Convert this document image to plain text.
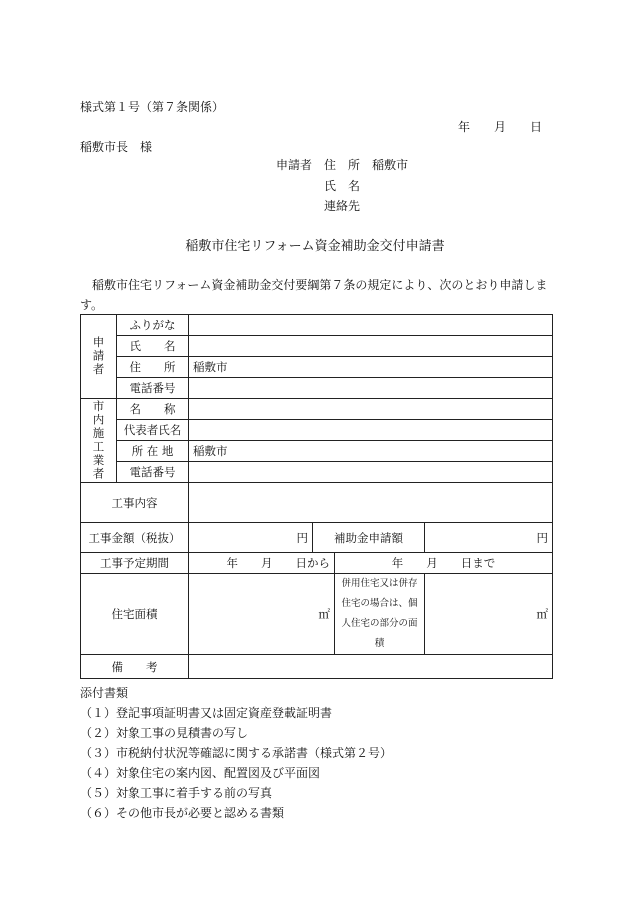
様式第１号（第７条関係）
年 月 日
稲敷市長　様
申請者　 住　所　 稲敷市
氏　名
連絡先
稲敷市住宅リフォーム資金補助金交付申請書
稲敷市住宅リフォーム資金補助金交付要綱第７条の規定により、次のとおり申請します。
申請者	ふりがな				
	氏　　名				
	住　　所	稲敷市			
	電話番号				

市内施工業者	名　　称				
	代表者氏名				
	所 在 地	稲敷市			
	電話番号				
工事内容					
工事金額（税抜）		円	補助金申請額		円
工事予定期間		年　　月　　日から		年　　月　　日まで	
住宅面積		㎡		併用住宅又は併存住宅の場合は、個人住宅の部分の面積	㎡
備　　考					
添付書類
（１）登記事項証明書又は固定資産登載証明書
（２）対象工事の見積書の写し
（３）市税納付状況等確認に関する承諾書（様式第２号）
（４）対象住宅の案内図、配置図及び平面図
（５）対象工事に着手する前の写真
（６）その他市長が必要と認める書類
